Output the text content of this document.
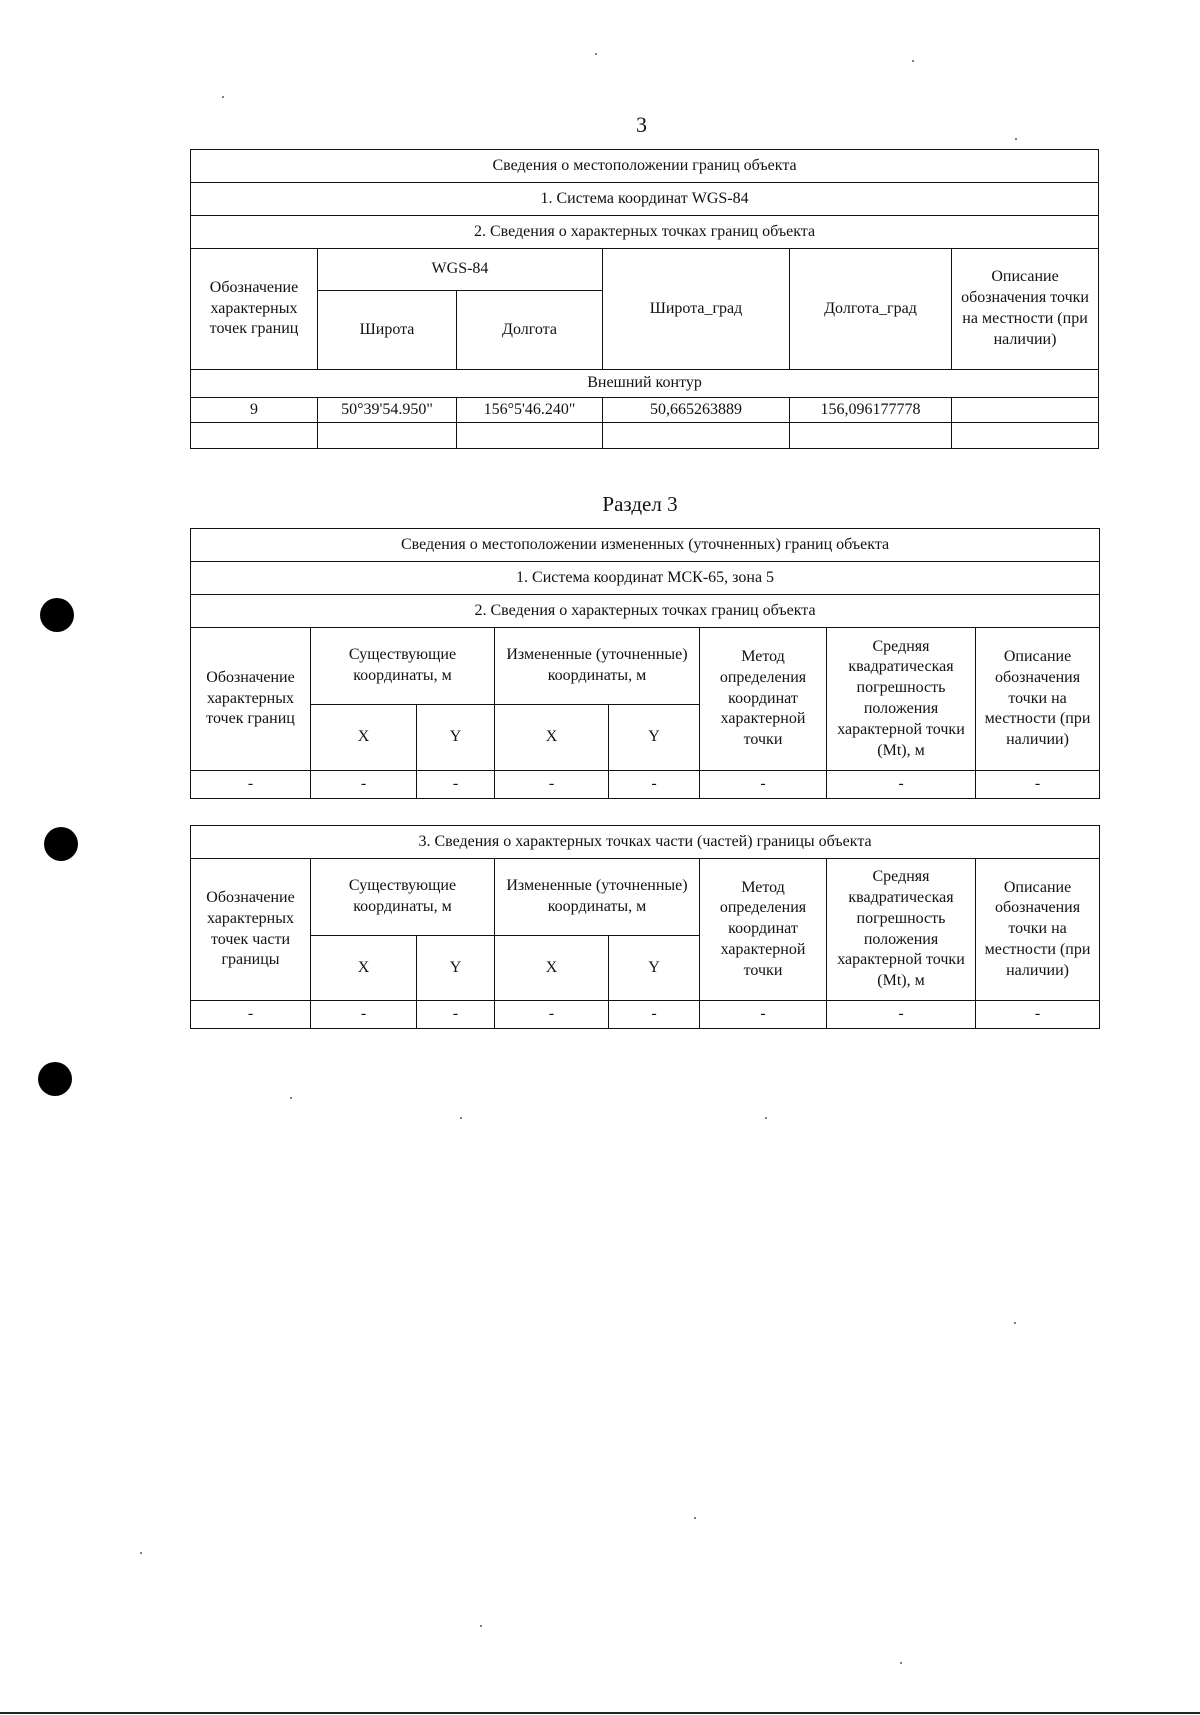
3
Сведения о местоположении границ объекта					
1. Система координат WGS-84					
2. Сведения о характерных точках границ объекта					
Обозначение характерных точек границ	WGS-84		Широта_град	Долгота_град	Описание обозначения точки на местности (при наличии)
	Широта	Долгота			
Внешний контур					
9	50°39'54.950"	156°5'46.240"	50,665263889	156,096177778	

Раздел 3
Сведения о местоположении измененных (уточненных) границ объекта							
1. Система координат МСК-65, зона 5							
2. Сведения о характерных точках границ объекта							
Обозначение характерных точек границ	Существующие координаты, м		Измененные (уточненные) координаты, м		Метод определения координат характерной точки	Средняя квадратическая погрешность положения характерной точки (Mt), м	Описание обозначения точки на местности (при наличии)
	X	Y	X	Y			
-	-	-	-	-	-	-	-
3. Сведения о характерных точках части (частей) границы объекта							
Обозначение характерных точек части границы	Существующие координаты, м		Измененные (уточненные) координаты, м		Метод определения координат характерной точки	Средняя квадратическая погрешность положения характерной точки (Mt), м	Описание обозначения точки на местности (при наличии)
	X	Y	X	Y			
-	-	-	-	-	-	-	-
